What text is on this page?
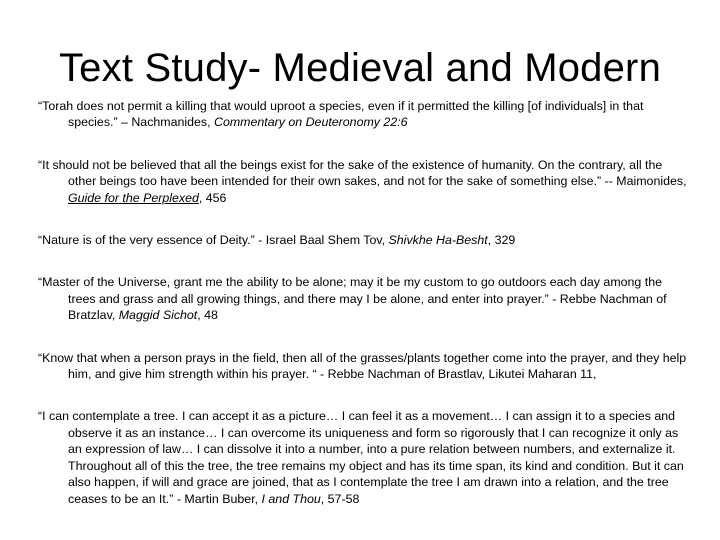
Text Study- Medieval and Modern

“Torah does not permit a killing that would uproot a species, even if it permitted the killing [of individuals] in that species.” – Nachmanides, Commentary on Deuteronomy 22:6

“It should not be believed that all the beings exist for the sake of the existence of humanity. On the contrary, all the other beings too have been intended for their own sakes, and not for the sake of something else.” -- Maimonides, Guide for the Perplexed, 456

“Nature is of the very essence of Deity.” - Israel Baal Shem Tov, Shivkhe Ha-Besht, 329

“Master of the Universe, grant me the ability to be alone; may it be my custom to go outdoors each day among the trees and grass and all growing things, and there may I be alone, and enter into prayer.” - Rebbe Nachman of Bratzlav, Maggid Sichot, 48

“Know that when a person prays in the field, then all of the grasses/plants together come into the prayer, and they help him, and give him strength within his prayer. “ - Rebbe Nachman of Brastlav, Likutei Maharan 11,

“I can contemplate a tree. I can accept it as a picture… I can feel it as a movement… I can assign it to a species and observe it as an instance… I can overcome its uniqueness and form so rigorously that I can recognize it only as an expression of law… I can dissolve it into a number, into a pure relation between numbers, and externalize it. Throughout all of this the tree, the tree remains my object and has its time span, its kind and condition. But it can also happen, if will and grace are joined, that as I contemplate the tree I am drawn into a relation, and the tree ceases to be an It.” - Martin Buber, I and Thou, 57-58
